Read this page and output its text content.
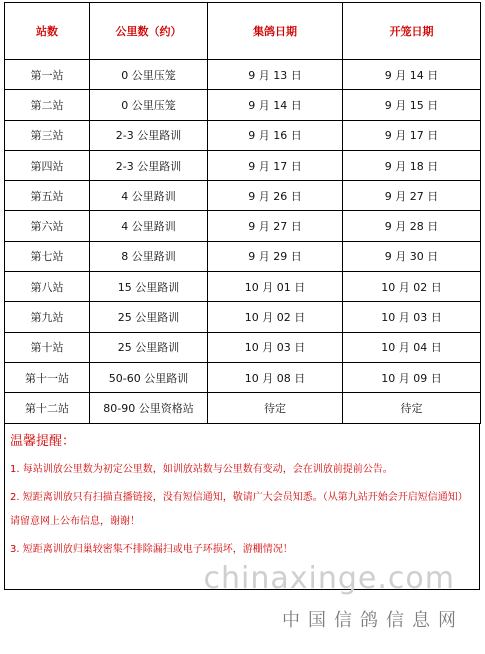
站数	公里数（约）	集鸽日期	开笼日期
第一站	0 公里压笼	9 月 13 日	9 月 14 日
第二站	0 公里压笼	9 月 14 日	9 月 15 日
第三站	2-3 公里路训	9 月 16 日	9 月 17 日
第四站	2-3 公里路训	9 月 17 日	9 月 18 日
第五站	4 公里路训	9 月 26 日	9 月 27 日
第六站	4 公里路训	9 月 27 日	9 月 28 日
第七站	8 公里路训	9 月 29 日	9 月 30 日
第八站	15 公里路训	10 月 01 日	10 月 02 日
第九站	25 公里路训	10 月 02 日	10 月 03 日
第十站	25 公里路训	10 月 03 日	10 月 04 日
第十一站	50-60 公里路训	10 月 08 日	10 月 09 日
第十二站	80-90 公里资格站	待定	待定
温馨提醒：
1. 每站训放公里数为初定公里数，如训放站数与公里数有变动，会在训放前提前公告。
2. 短距离训放只有扫描直播链接，没有短信通知，敬请广大会员知悉。（从第九站开始会开启短信通知）请留意网上公布信息，谢谢！
3. 短距离训放归巢较密集不排除漏扫或电子环损坏，游棚情况！
chinaxinge.com
中国信鸽信息网
